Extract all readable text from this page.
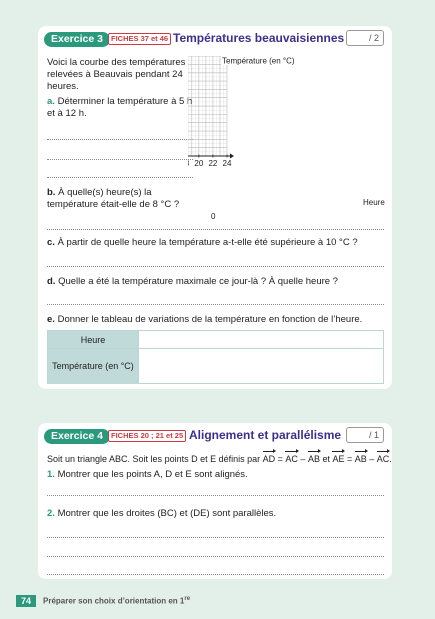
Exercice 3	FICHES 37 et 46 Températures beauvaisiennes	/ 2
Voici la courbe des températures relevées à Beauvais pendant 24 heures.
a. Déterminer la température à 5 h et à 12 h.
b. À quelle(s) heure(s) la température était-elle de 8 °C ?
c. À partir de quelle heure la température a-t-elle été supérieure à 10 °C ?
d. Quelle a été la température maximale ce jour-là ? À quelle heure ?
e. Donner le tableau de variations de la température en fonction de l’heure.
Heure
Température (en °C)
20 22 24
Température (en °C)
Heure
0
Exercice 4	FICHES 20 ; 21 et 25 Alignement et parallélisme	/ 1
Soit un triangle ABC. Soit les points D et E définis par AD = AC – AB et AE = AB – AC.
1. Montrer que les points A, D et E sont alignés.
2. Montrer que les droites (BC) et (DE) sont parallèles.
74	Préparer son choix d’orientation en 1re
